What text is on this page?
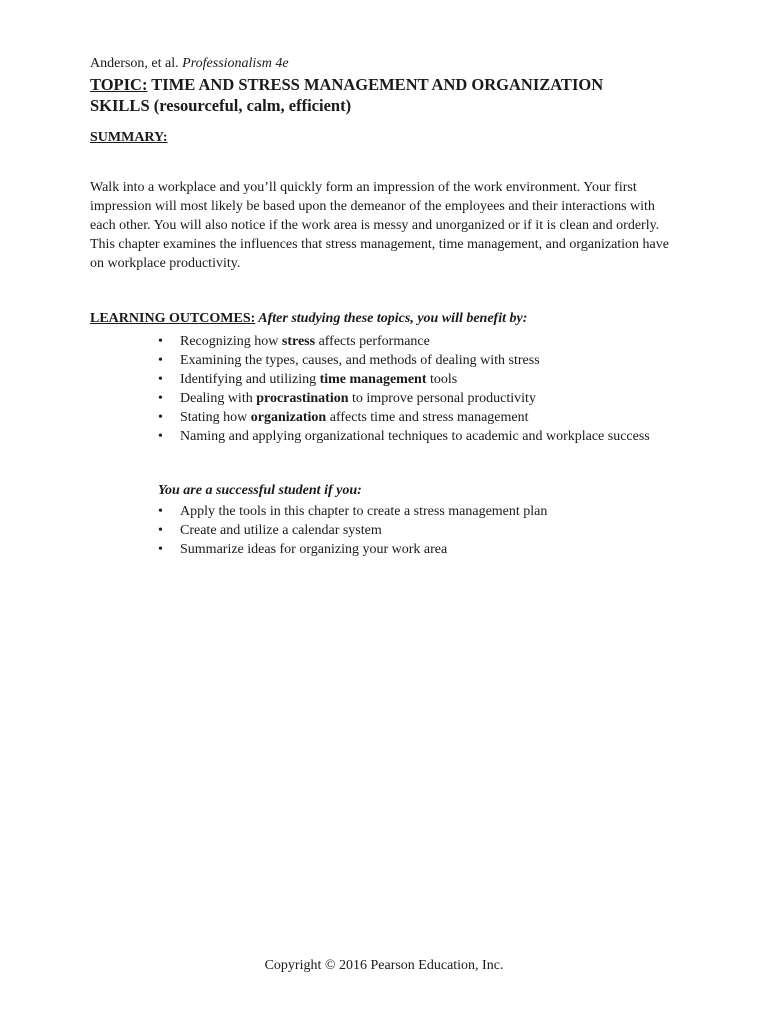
Anderson, et al. Professionalism 4e
TOPIC: TIME AND STRESS MANAGEMENT AND ORGANIZATION
SKILLS (resourceful, calm, efficient)
SUMMARY:
Walk into a workplace and you’ll quickly form an impression of the work environment. Your first impression will most likely be based upon the demeanor of the employees and their interactions with each other. You will also notice if the work area is messy and unorganized or if it is clean and orderly. This chapter examines the influences that stress management, time management, and organization have on workplace productivity.
LEARNING OUTCOMES: After studying these topics, you will benefit by:
• Recognizing how stress affects performance
• Examining the types, causes, and methods of dealing with stress
• Identifying and utilizing time management tools
• Dealing with procrastination to improve personal productivity
• Stating how organization affects time and stress management
• Naming and applying organizational techniques to academic and workplace success
You are a successful student if you:
• Apply the tools in this chapter to create a stress management plan
• Create and utilize a calendar system
• Summarize ideas for organizing your work area
Copyright © 2016 Pearson Education, Inc.
